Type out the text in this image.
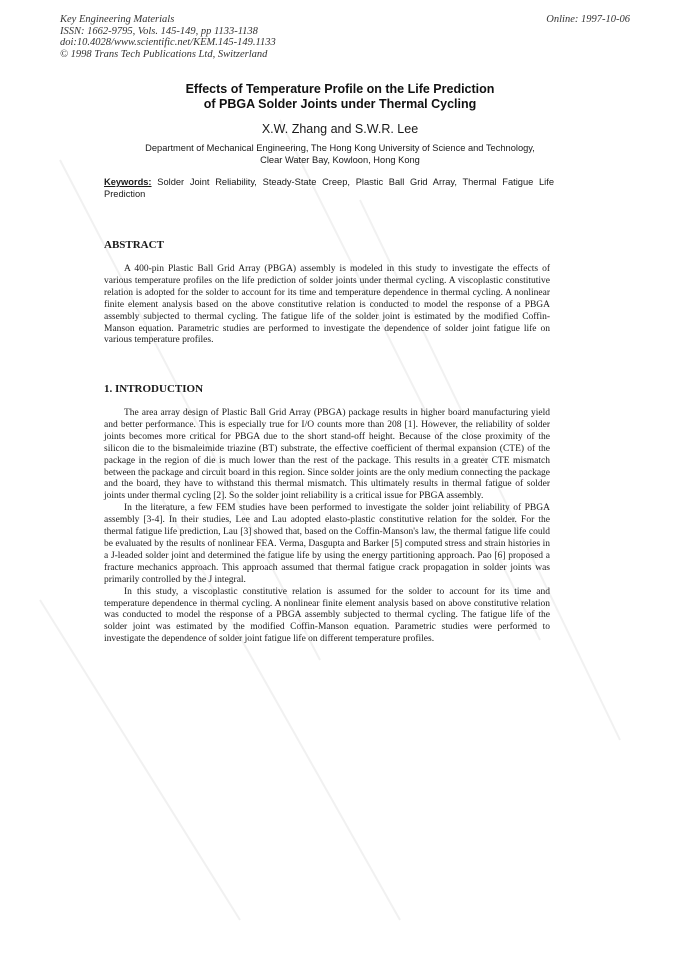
Key Engineering Materials
ISSN: 1662-9795, Vols. 145-149, pp 1133-1138
doi:10.4028/www.scientific.net/KEM.145-149.1133
© 1998 Trans Tech Publications Ltd, Switzerland
Online: 1997-10-06
Effects of Temperature Profile on the Life Prediction
of PBGA Solder Joints under Thermal Cycling
X.W. Zhang and S.W.R. Lee
Department of Mechanical Engineering, The Hong Kong University of Science and Technology,
Clear Water Bay, Kowloon, Hong Kong
Keywords: Solder Joint Reliability, Steady-State Creep, Plastic Ball Grid Array, Thermal Fatigue Life Prediction
ABSTRACT

A 400-pin Plastic Ball Grid Array (PBGA) assembly is modeled in this study to investigate the effects of various temperature profiles on the life prediction of solder joints under thermal cycling. A viscoplastic constitutive relation is adopted for the solder to account for its time and temperature dependence in thermal cycling. A nonlinear finite element analysis based on the above constitutive relation is conducted to model the response of a PBGA assembly subjected to thermal cycling. The fatigue life of the solder joint is estimated by the modified Coffin-Manson equation. Parametric studies are performed to investigate the dependence of solder joint fatigue life on various temperature profiles.

1. INTRODUCTION

The area array design of Plastic Ball Grid Array (PBGA) package results in higher board manufacturing yield and better performance. This is especially true for I/O counts more than 208 [1]. However, the reliability of solder joints becomes more critical for PBGA due to the short stand-off height. Because of the close proximity of the silicon die to the bismaleimide triazine (BT) substrate, the effective coefficient of thermal expansion (CTE) of the package in the region of die is much lower than the rest of the package. This results in a greater CTE mismatch between the package and circuit board in this region. Since solder joints are the only medium connecting the package and the board, they have to withstand this thermal mismatch. This ultimately results in thermal fatigue of solder joints under thermal cycling [2]. So the solder joint reliability is a critical issue for PBGA assembly.

In the literature, a few FEM studies have been performed to investigate the solder joint reliability of PBGA assembly [3-4]. In their studies, Lee and Lau adopted elasto-plastic constitutive relation for the solder. For the thermal fatigue life prediction, Lau [3] showed that, based on the Coffin-Manson's law, the thermal fatigue life could be evaluated by the results of nonlinear FEA. Verma, Dasgupta and Barker [5] computed stress and strain histories in a J-leaded solder joint and determined the fatigue life by using the energy partitioning approach. Pao [6] proposed a fracture mechanics approach. This approach assumed that thermal fatigue crack propagation in solder joints was primarily controlled by the J integral.

In this study, a viscoplastic constitutive relation is assumed for the solder to account for its time and temperature dependence in thermal cycling. A nonlinear finite element analysis based on above constitutive relation was conducted to model the response of a PBGA assembly subjected to thermal cycling. The fatigue life of the solder joint was estimated by the modified Coffin-Manson equation. Parametric studies were performed to investigate the dependence of solder joint fatigue life on different temperature profiles.
